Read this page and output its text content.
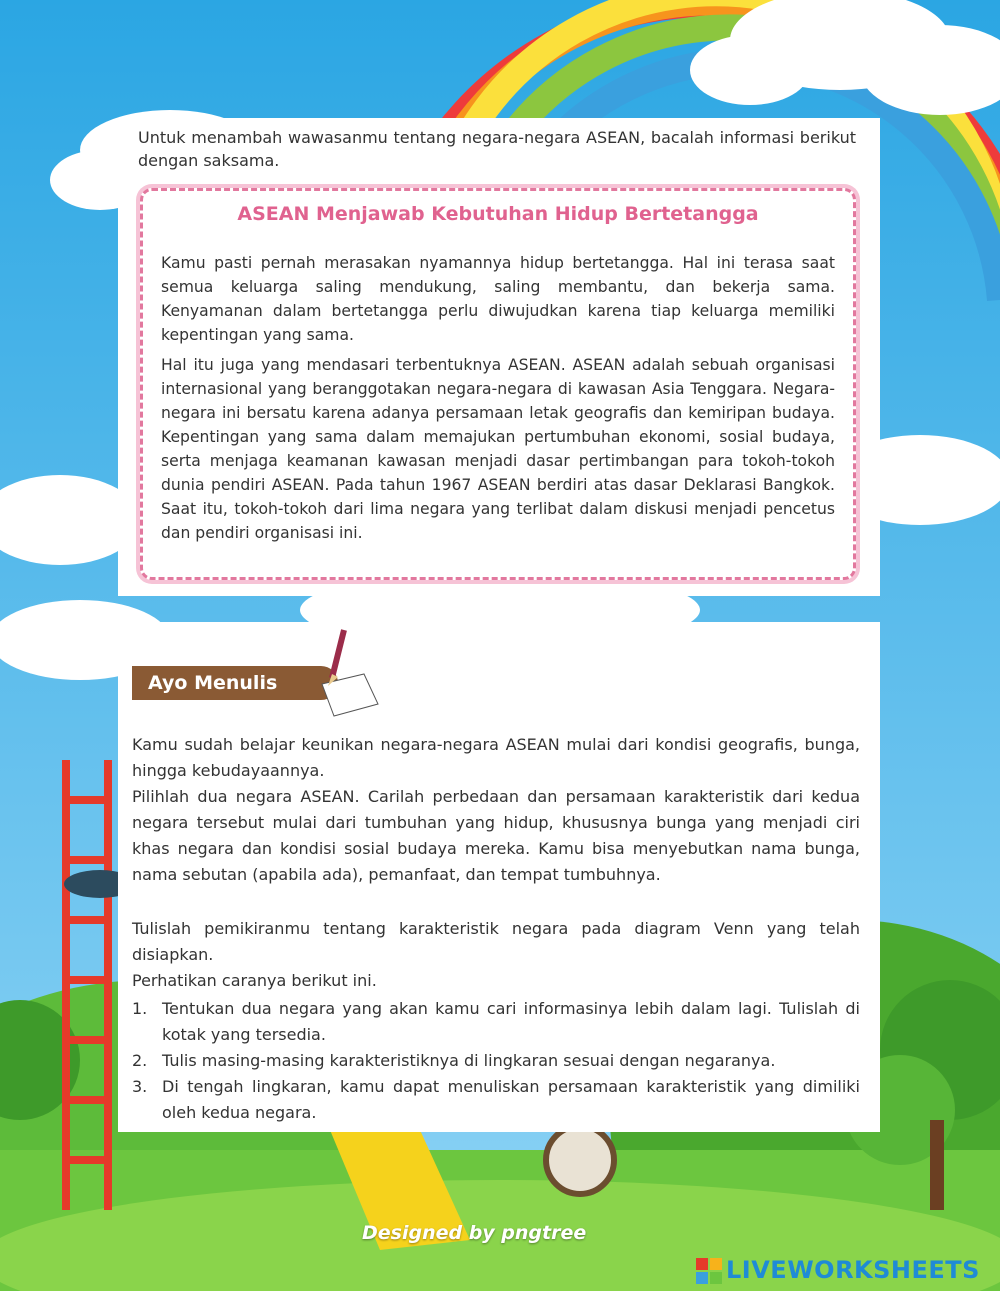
Untuk menambah wawasanmu tentang negara-negara ASEAN, bacalah informasi berikut dengan saksama.

ASEAN Menjawab Kebutuhan Hidup Bertetangga

Kamu pasti pernah merasakan nyamannya hidup bertetangga. Hal ini terasa saat semua keluarga saling mendukung, saling membantu, dan bekerja sama. Kenyamanan dalam bertetangga perlu diwujudkan karena tiap keluarga memiliki kepentingan yang sama.

Hal itu juga yang mendasari terbentuknya ASEAN. ASEAN adalah sebuah organisasi internasional yang beranggotakan negara-negara di kawasan Asia Tenggara. Negara-negara ini bersatu karena adanya persamaan letak geografis dan kemiripan budaya. Kepentingan yang sama dalam memajukan pertumbuhan ekonomi, sosial budaya, serta menjaga keamanan kawasan menjadi dasar pertimbangan para tokoh-tokoh dunia pendiri ASEAN. Pada tahun 1967 ASEAN berdiri atas dasar Deklarasi Bangkok. Saat itu, tokoh-tokoh dari lima negara yang terlibat dalam diskusi menjadi pencetus dan pendiri organisasi ini.

Ayo Menulis

Kamu sudah belajar keunikan negara-negara ASEAN mulai dari kondisi geografis, bunga, hingga kebudayaannya.

Pilihlah dua negara ASEAN. Carilah perbedaan dan persamaan karakteristik dari kedua negara tersebut mulai dari tumbuhan yang hidup, khususnya bunga yang menjadi ciri khas negara dan kondisi sosial budaya mereka. Kamu bisa menyebutkan nama bunga, nama sebutan (apabila ada), pemanfaat, dan tempat tumbuhnya.

Tulislah pemikiranmu tentang karakteristik negara pada diagram Venn yang telah disiapkan.

Perhatikan caranya berikut ini.

1. Tentukan dua negara yang akan kamu cari informasinya lebih dalam lagi. Tulislah di kotak yang tersedia.
2. Tulis masing-masing karakteristiknya di lingkaran sesuai dengan negaranya.
3. Di tengah lingkaran, kamu dapat menuliskan persamaan karakteristik yang dimiliki oleh kedua negara.
Designed by pngtree
LIVEWORKSHEETS
